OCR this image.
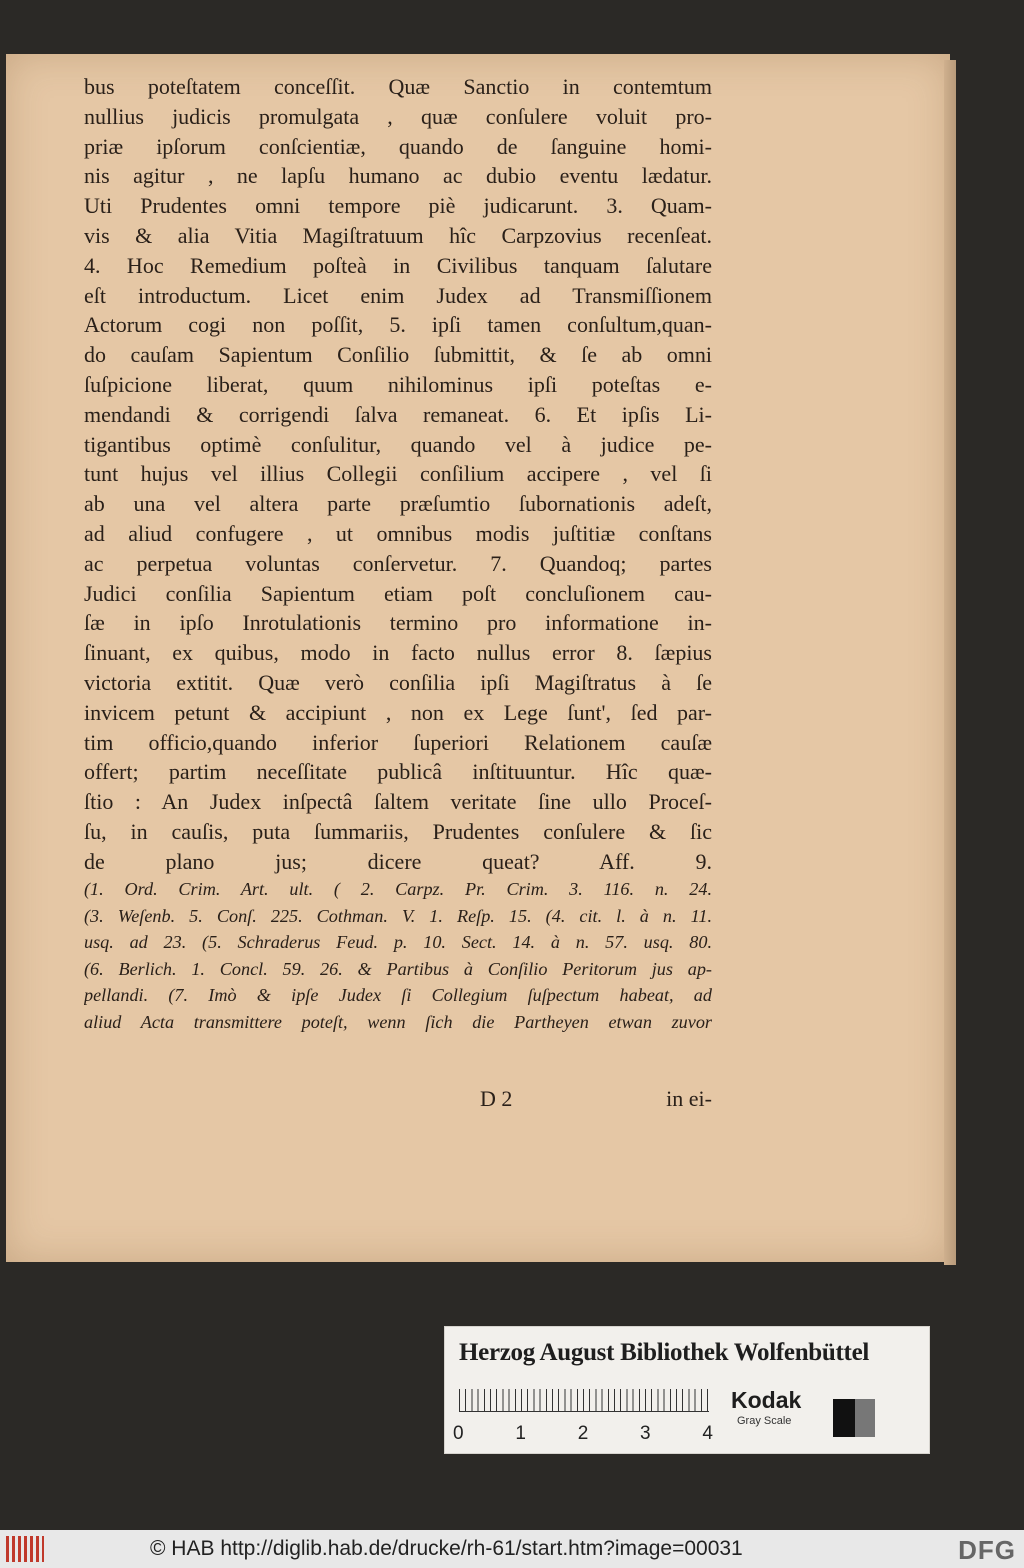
bus poteſtatem conceſſit. Quæ Sanctio in contemtum
nullius judicis promulgata , quæ conſulere voluit pro-
priæ ipſorum conſcientiæ, quando de ſanguine homi-
nis agitur , ne lapſu humano ac dubio eventu lædatur.
Uti Prudentes omni tempore piè judicarunt. 3. Quam-
vis & alia Vitia Magiſtratuum hîc Carpzovius recenſeat.
4. Hoc Remedium poſteà in Civilibus tanquam ſalutare
eſt introductum. Licet enim Judex ad Transmiſſionem
Actorum cogi non poſſit, 5. ipſi tamen conſultum,quan-
do cauſam Sapientum Conſilio ſubmittit, & ſe ab omni
ſuſpicione liberat, quum nihilominus ipſi poteſtas e-
mendandi & corrigendi ſalva remaneat. 6. Et ipſis Li-
tigantibus optimè conſulitur, quando vel à judice pe-
tunt hujus vel illius Collegii conſilium accipere , vel ſi
ab una vel altera parte præſumtio ſubornationis adeſt,
ad aliud confugere , ut omnibus modis juſtitiæ conſtans
ac perpetua voluntas conſervetur. 7. Quandoq; partes
Judici conſilia Sapientum etiam poſt concluſionem cau-
ſæ in ipſo Inrotulationis termino pro informatione in-
ſinuant, ex quibus, modo in facto nullus error 8. ſæpius
victoria extitit. Quæ verò conſilia ipſi Magiſtratus à ſe
invicem petunt & accipiunt , non ex Lege ſunt', ſed par-
tim officio,quando inferior ſuperiori Relationem cauſæ
offert; partim neceſſitate publicâ inſtituuntur. Hîc quæ-
ſtio : An Judex inſpectâ ſaltem veritate ſine ullo Proceſ-
ſu, in cauſis, puta ſummariis, Prudentes conſulere & ſic
de plano jus; dicere queat? Aff. 9.
(1. Ord. Crim. Art. ult. ( 2. Carpz. Pr. Crim. 3. 116. n. 24.
(3. Weſenb. 5. Conſ. 225. Cothman. V. 1. Reſp. 15. (4. cit. l. à n. 11.
usq. ad 23. (5. Schraderus Feud. p. 10. Sect. 14. à n. 57. usq. 80.
(6. Berlich. 1. Concl. 59. 26. & Partibus à Conſilio Peritorum jus ap-
pellandi. (7. Imò & ipſe Judex ſi Collegium ſuſpectum habeat, ad
aliud Acta transmittere poteſt, wenn ſich die Partheyen etwan zuvor
D 2	in ei-
Herzog August Bibliothek Wolfenbüttel
0	1	2	3	4
Kodak
Gray Scale
© HAB http://diglib.hab.de/drucke/rh-61/start.htm?image=00031	DFG
